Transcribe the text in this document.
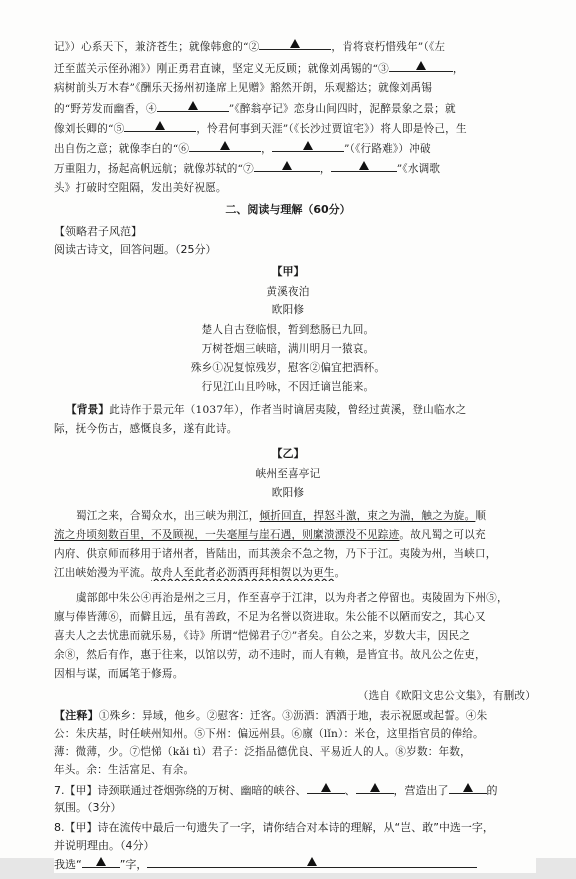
记》）心系天下，兼济苍生；就像韩愈的“②	，肯将衰朽惜残年”（《左
迁至蓝关示侄孙湘》）刚正勇君直谏，坚定义无反顾；就像刘禹锡的“③	，
病树前头万木春”《酬乐天扬州初逢席上见赠》豁然开朗，乐观豁达；就像刘禹锡
的“野芳发而幽香，④	”《醉翁亭记》恋身山间四时，泥醉景象之景；就
像刘长卿的“⑤	，怜君何事到天涯”（《长沙过贾谊宅》）将人即是怜己，生
出自伤之意；就像李白的“⑥	，	”（《行路难》）冲破
万重阻力，扬起高帆远航；就像苏轼的“⑦	，	”《水调歌
头》打破时空阻隔，发出美好祝愿。
二、阅读与理解（60分）
【领略君子风范】
阅读古诗文，回答问题。（25分）
【甲】
黄溪夜泊
欧阳修
楚人自古登临恨，暂到愁肠已九回。
万树苍烟三峡暗，满川明月一猿哀。
殊乡①况复惊残岁，慰客②偏宜把酒杯。
行见江山且吟咏，不因迁谪岂能来。
【背景】此诗作于景元年（1037年），作者当时谪居夷陵，曾经过黄溪，登山临水之
际，抚今伤古，感慨良多，遂有此诗。
【乙】
峡州至喜亭记
欧阳修
蜀江之来，合蜀众水，出三峡为荆江，倾折回直，捍怒斗激，束之为湍，触之为旋。顺
流之舟顷刻数百里，不及顾视，一失毫厘与崖石遇，则縻溃漂没不见踪迹。故凡蜀之可以充
内府、供京师而移用于诸州者，皆陆出，而其羡余不急之物，乃下于江。夷陵为州，当峡口，
江出峡始漫为平流。故舟人至此者必沥酒再拜相贺以为更生。
虞部郎中朱公④再治是州之三月，作至喜亭于江津，以为舟者之停留也。夷陵固为下州⑤，
廪与俸皆薄⑥，而僻且远，虽有善政，不足为名誉以资进取。朱公能不以陋而安之，其心又
喜夫人之去忧患而就乐易，《诗》所谓“恺悌君子⑦”者矣。自公之来，岁数大丰，因民之
余⑧，然后有作，惠于往来，以馆以劳，动不违时，而人有赖，是皆宜书。故凡公之佐吏，
因相与谋，而属笔于修焉。
（选自《欧阳文忠公文集》，有删改）
【注释】①殊乡：异域，他乡。②慰客：迁客。③沥酒：洒酒于地，表示祝愿或起誓。④朱
公：朱庆基，时任峡州知州。⑤下州：偏远州县。⑥廪（lǐn）：米仓，这里指官员的俸给。
薄：微薄，少。⑦恺悌（kǎi tì）君子：泛指品德优良、平易近人的人。⑧岁数：年数，
年头。余：生活富足、有余。
7.【甲】诗颈联通过苍烟弥绕的万树、幽暗的峡谷、	、	，营造出了	的
氛围。（3分）
8.【甲】诗在流传中最后一句遗失了一字，请你结合对本诗的理解，从“岂、敢”中选一字，
并说明理由。（4分）
我选“	”字，
